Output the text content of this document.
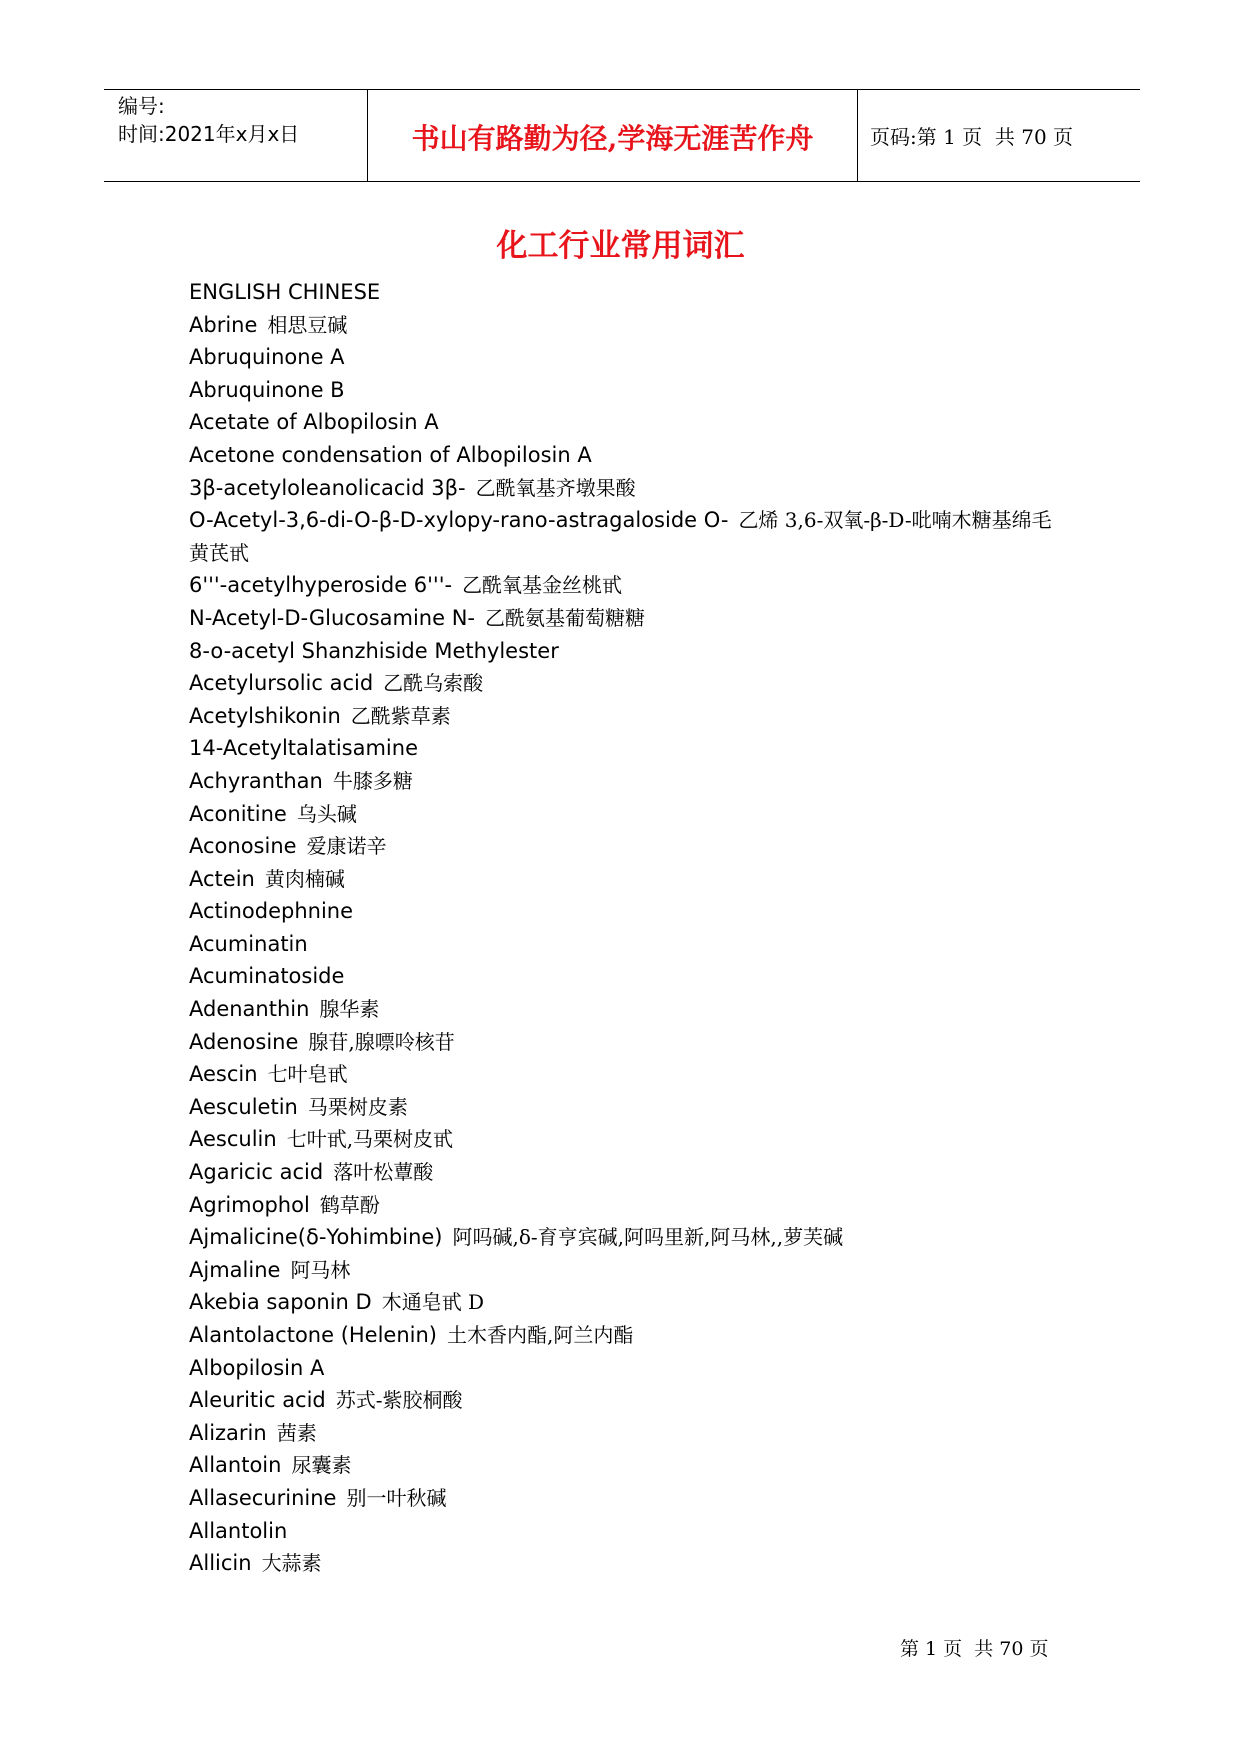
编号:
时间:2021年x月x日	书山有路勤为径,学海无涯苦作舟	页码:第 1 页  共 70 页
化工行业常用词汇
ENGLISH CHINESE
Abrine 相思豆碱
Abruquinone A
Abruquinone B
Acetate of Albopilosin A
Acetone condensation of Albopilosin A
3β-acetyloleanolicacid 3β- 乙酰氧基齐墩果酸
O-Acetyl-3,6-di-O-β-D-xylopy-rano-astragaloside O- 乙烯 3,6-双氧-β-D-吡喃木糖基绵毛黄芪甙
6'''-acetylhyperoside 6'''- 乙酰氧基金丝桃甙
N-Acetyl-D-Glucosamine N- 乙酰氨基葡萄糖糖
8-o-acetyl Shanzhiside Methylester
Acetylursolic acid 乙酰乌索酸
Acetylshikonin 乙酰紫草素
14-Acetyltalatisamine
Achyranthan 牛膝多糖
Aconitine 乌头碱
Aconosine 爱康诺辛
Actein 黄肉楠碱
Actinodephnine
Acuminatin
Acuminatoside
Adenanthin 腺华素
Adenosine 腺苷,腺嘌呤核苷
Aescin 七叶皂甙
Aesculetin 马栗树皮素
Aesculin 七叶甙,马栗树皮甙
Agaricic acid 落叶松蕈酸
Agrimophol 鹤草酚
Ajmalicine(δ-Yohimbine) 阿吗碱,δ-育亨宾碱,阿吗里新,阿马林,,萝芙碱
Ajmaline 阿马林
Akebia saponin D 木通皂甙 D
Alantolactone (Helenin) 土木香内酯,阿兰内酯
Albopilosin A
Aleuritic acid 苏式-紫胶桐酸
Alizarin 茜素
Allantoin 尿囊素
Allasecurinine 别一叶秋碱
Allantolin
Allicin 大蒜素
第 1 页  共 70 页
